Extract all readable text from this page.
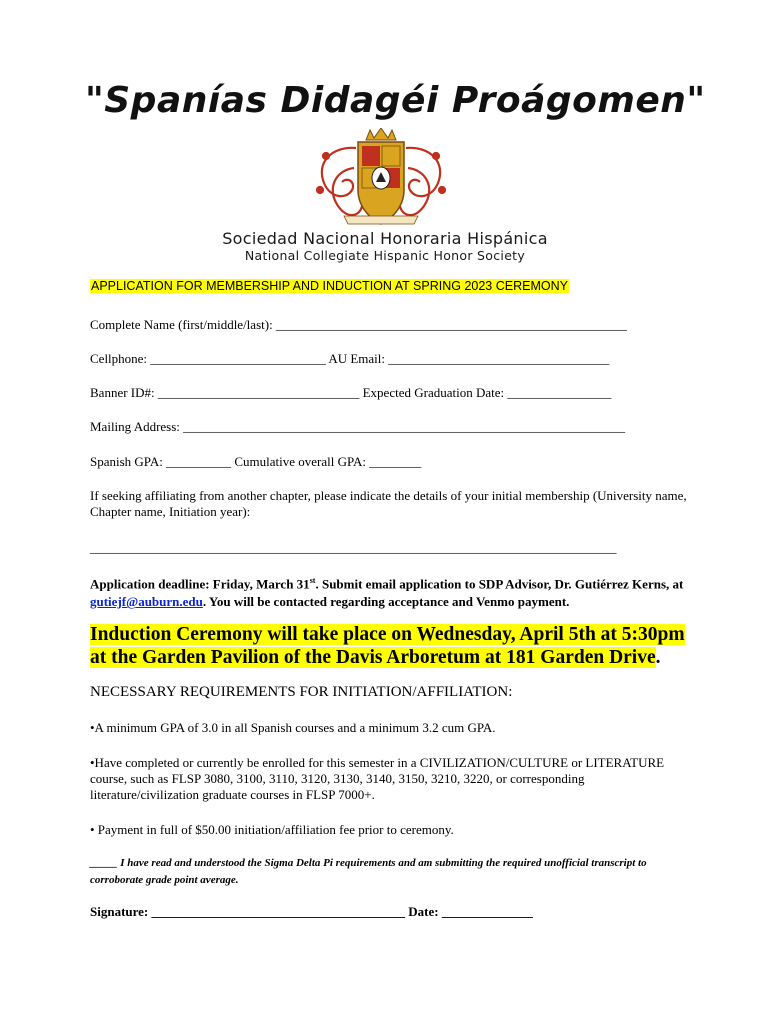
"Spanías Didagéi Proágomen"
Sociedad Nacional Honoraria Hispánica
National Collegiate Hispanic Honor Society
APPLICATION FOR MEMBERSHIP AND INDUCTION AT SPRING 2023 CEREMONY
Complete Name (first/middle/last): ______________________________________________________
Cellphone: ___________________________ AU Email: __________________________________
Banner ID#: _______________________________ Expected Graduation Date: ________________
Mailing Address: ____________________________________________________________________
Spanish GPA: __________ Cumulative overall GPA: ________
If seeking affiliating from another chapter, please indicate the details of your initial membership (University name, Chapter name, Initiation year):
_________________________________________________________________________________
Application deadline: Friday, March 31st. Submit email application to SDP Advisor, Dr. Gutiérrez Kerns, at gutiejf@auburn.edu. You will be contacted regarding acceptance and Venmo payment.
Induction Ceremony will take place on Wednesday, April 5th at 5:30pm at the Garden Pavilion of the Davis Arboretum at 181 Garden Drive.
NECESSARY REQUIREMENTS FOR INITIATION/AFFILIATION:
•A minimum GPA of 3.0 in all Spanish courses and a minimum 3.2 cum GPA.
•Have completed or currently be enrolled for this semester in a CIVILIZATION/CULTURE or LITERATURE course, such as FLSP 3080, 3100, 3110, 3120, 3130, 3140, 3150, 3210, 3220, or corresponding literature/civilization graduate courses in FLSP 7000+.
• Payment in full of $50.00 initiation/affiliation fee prior to ceremony.
_____ I have read and understood the Sigma Delta Pi requirements and am submitting the required unofficial transcript to corroborate grade point average.
Signature: _______________________________________ Date: ______________
